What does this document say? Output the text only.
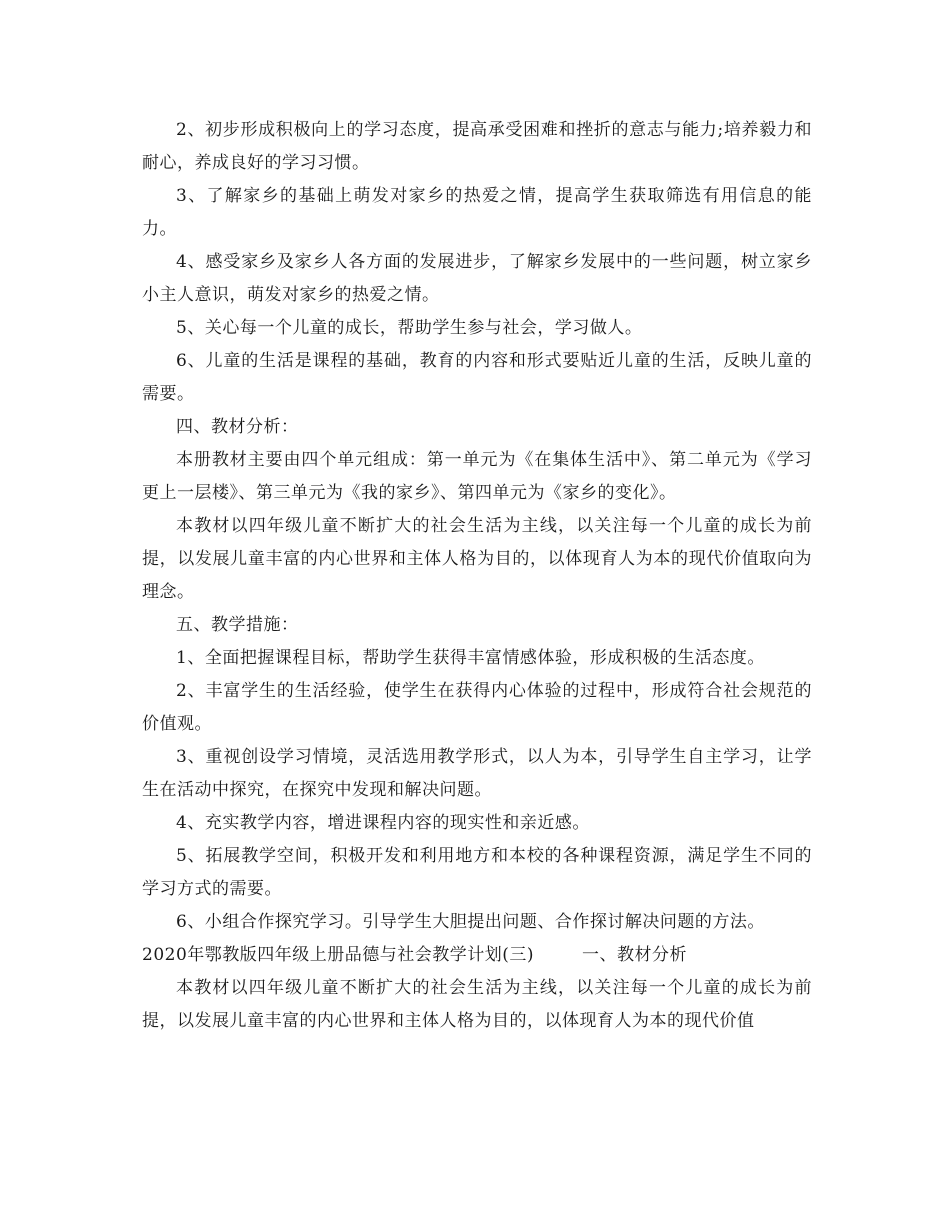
2、初步形成积极向上的学习态度，提高承受困难和挫折的意志与能力;培养毅力和耐心，养成良好的学习习惯。

3、了解家乡的基础上萌发对家乡的热爱之情，提高学生获取筛选有用信息的能力。

4、感受家乡及家乡人各方面的发展进步，了解家乡发展中的一些问题，树立家乡小主人意识，萌发对家乡的热爱之情。

5、关心每一个儿童的成长，帮助学生参与社会，学习做人。

6、儿童的生活是课程的基础，教育的内容和形式要贴近儿童的生活，反映儿童的需要。

四、教材分析：

本册教材主要由四个单元组成：第一单元为《在集体生活中》、第二单元为《学习更上一层楼》、第三单元为《我的家乡》、第四单元为《家乡的变化》。

本教材以四年级儿童不断扩大的社会生活为主线，以关注每一个儿童的成长为前提，以发展儿童丰富的内心世界和主体人格为目的，以体现育人为本的现代价值取向为理念。

五、教学措施：

1、全面把握课程目标，帮助学生获得丰富情感体验，形成积极的生活态度。

2、丰富学生的生活经验，使学生在获得内心体验的过程中，形成符合社会规范的价值观。

3、重视创设学习情境，灵活选用教学形式，以人为本，引导学生自主学习，让学生在活动中探究，在探究中发现和解决问题。

4、充实教学内容，增进课程内容的现实性和亲近感。

5、拓展教学空间，积极开发和利用地方和本校的各种课程资源，满足学生不同的学习方式的需要。

6、小组合作探究学习。引导学生大胆提出问题、合作探讨解决问题的方法。

2020年鄂教版四年级上册品德与社会教学计划(三)	一、教材分析

本教材以四年级儿童不断扩大的社会生活为主线，以关注每一个儿童的成长为前提，以发展儿童丰富的内心世界和主体人格为目的，以体现育人为本的现代价值
